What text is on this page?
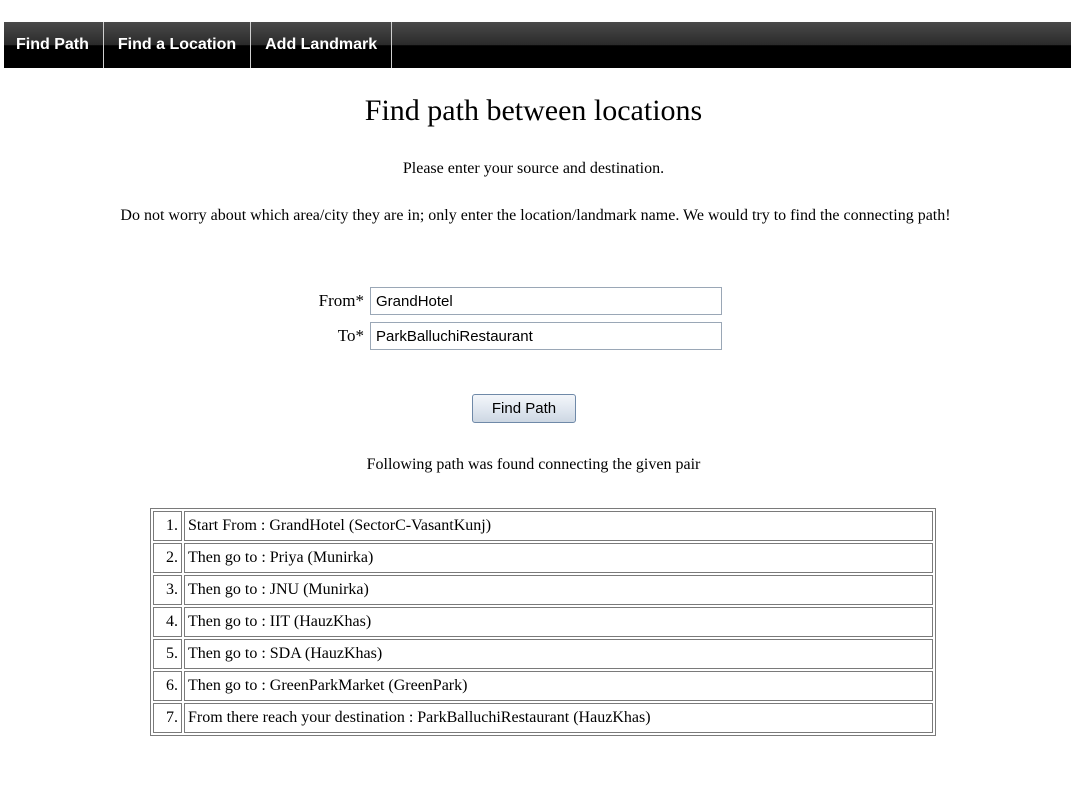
Find Path	Find a Location	Add Landmark
Find path between locations
Please enter your source and destination.
Do not worry about which area/city they are in; only enter the location/landmark name. We would try to find the connecting path!
From*
GrandHotel
To*
ParkBalluchiRestaurant
Find Path
Following path was found connecting the given pair
1.	Start From : GrandHotel (SectorC-VasantKunj)
2.	Then go to : Priya (Munirka)
3.	Then go to : JNU (Munirka)
4.	Then go to : IIT (HauzKhas)
5.	Then go to : SDA (HauzKhas)
6.	Then go to : GreenParkMarket (GreenPark)
7.	From there reach your destination : ParkBalluchiRestaurant (HauzKhas)
